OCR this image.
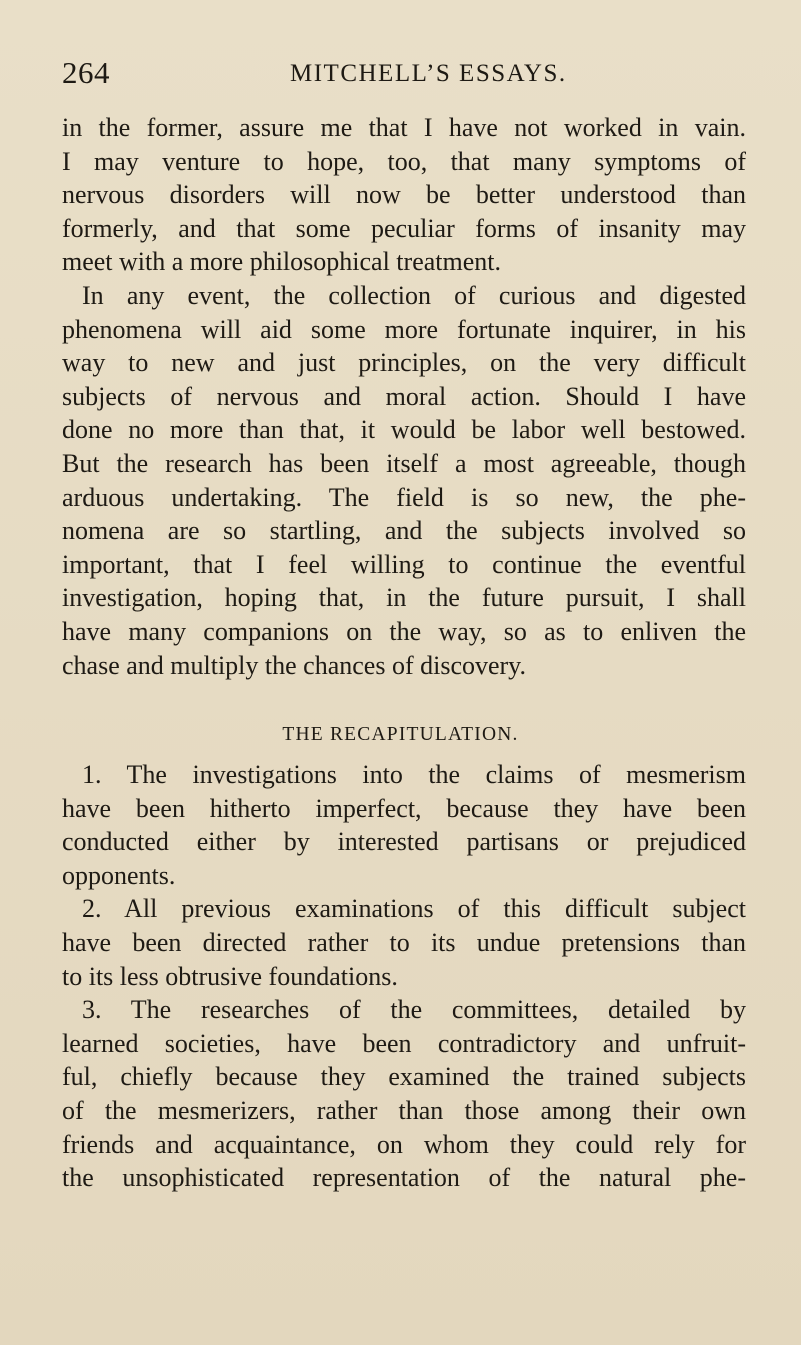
264	MITCHELL’S ESSAYS.

in the former, assure me that I have not worked in vain.
I may venture to hope, too, that many symptoms of
nervous disorders will now be better understood than
formerly, and that some peculiar forms of insanity may
meet with a more philosophical treatment.

In any event, the collection of curious and digested
phenomena will aid some more fortunate inquirer, in his
way to new and just principles, on the very difficult
subjects of nervous and moral action. Should I have
done no more than that, it would be labor well bestowed.
But the research has been itself a most agreeable, though
arduous undertaking. The field is so new, the phe-
nomena are so startling, and the subjects involved so
important, that I feel willing to continue the eventful
investigation, hoping that, in the future pursuit, I shall
have many companions on the way, so as to enliven the
chase and multiply the chances of discovery.

THE RECAPITULATION.

1. The investigations into the claims of mesmerism
have been hitherto imperfect, because they have been
conducted either by interested partisans or prejudiced
opponents.

2. All previous examinations of this difficult subject
have been directed rather to its undue pretensions than
to its less obtrusive foundations.

3. The researches of the committees, detailed by
learned societies, have been contradictory and unfruit-
ful, chiefly because they examined the trained subjects
of the mesmerizers, rather than those among their own
friends and acquaintance, on whom they could rely for
the unsophisticated representation of the natural phe-
